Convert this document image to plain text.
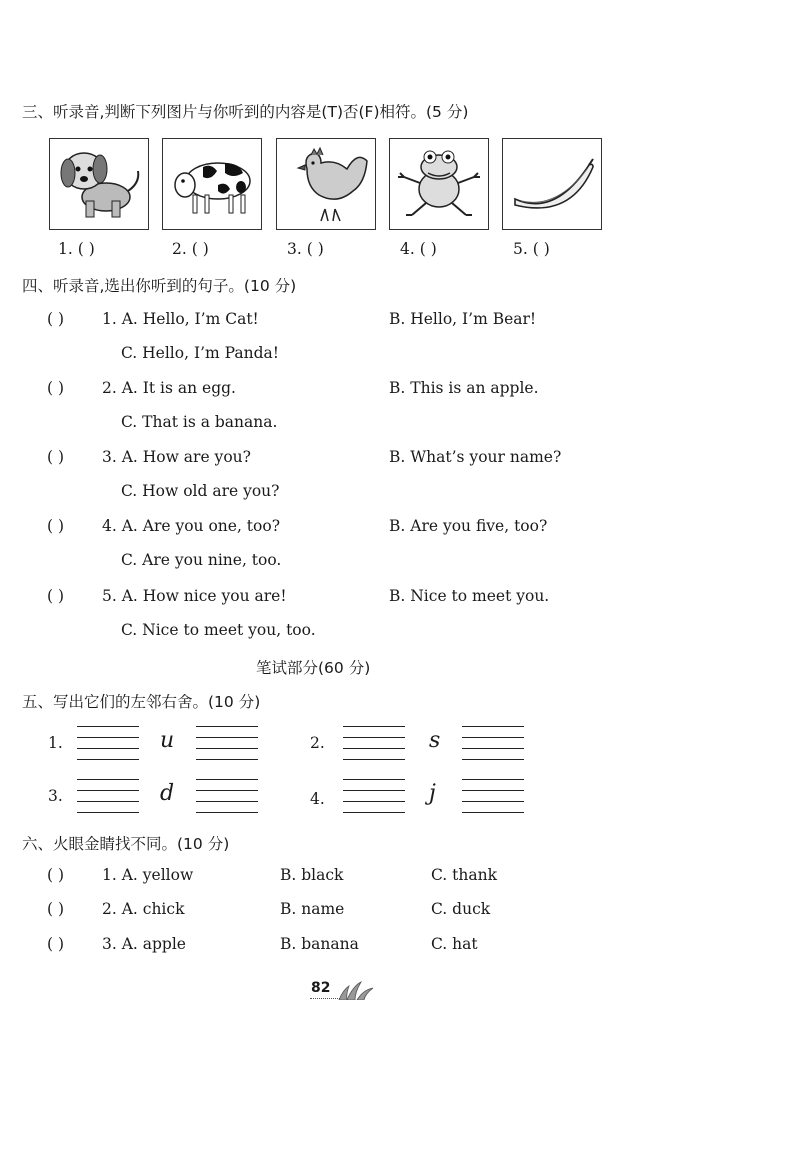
三、听录音,判断下列图片与你听到的内容是(T)否(F)相符。(5 分)
1. ( )	2. ( )	3. ( )	4. ( )	5. ( )
四、听录音,选出你听到的句子。(10 分)
( ) 1. A. Hello, I’m Cat!	B. Hello, I’m Bear!
C. Hello, I’m Panda!
( ) 2. A. It is an egg.	B. This is an apple.
C. That is a banana.
( ) 3. A. How are you?	B. What’s your name?
C. How old are you?
( ) 4. A. Are you one, too?	B. Are you five, too?
C. Are you nine, too.
( ) 5. A. How nice you are!	B. Nice to meet you.
C. Nice to meet you, too.
笔试部分(60 分)
五、写出它们的左邻右舍。(10 分)
1.	u	2.	s
3.	d	4.	j
六、火眼金睛找不同。(10 分)
( ) 1. A. yellow	B. black	C. thank
( ) 2. A. chick	B. name	C. duck
( ) 3. A. apple	B. banana	C. hat
82
